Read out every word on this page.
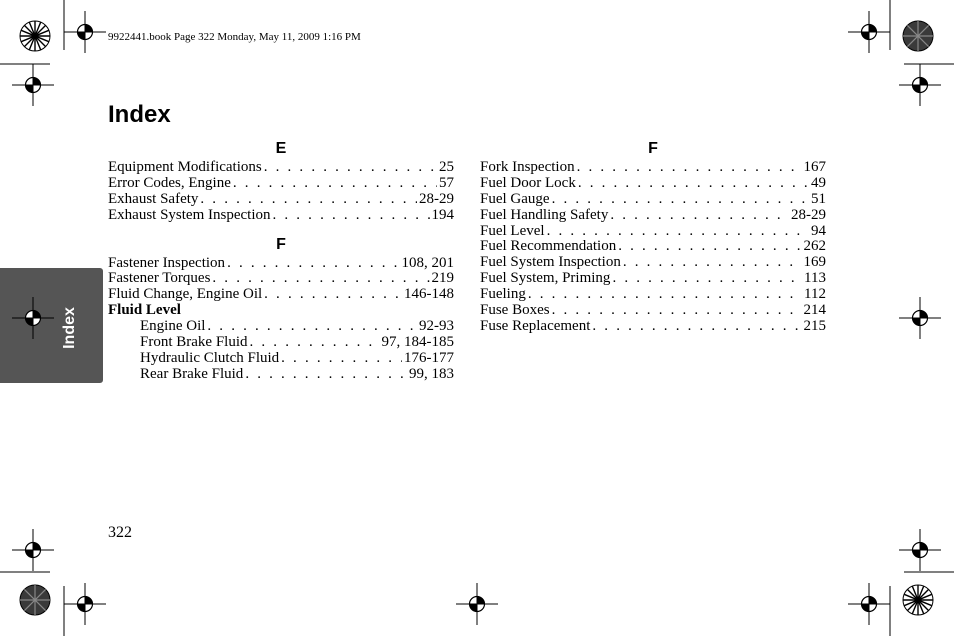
Index
9922441.book Page 322 Monday, May 11, 2009 1:16 PM
Index
E
Equipment Modifications . . .	25
Error Codes, Engine . . .	57
Exhaust Safety . . .	28-29
Exhaust System Inspection . . .	194
F
Fastener Inspection . . .	108, 201
Fastener Torques . . .	219
Fluid Change, Engine Oil . . .	146-148
Fluid Level
Engine Oil . . .	92-93
Front Brake Fluid . . .	97, 184-185
Hydraulic Clutch Fluid . . .	176-177
Rear Brake Fluid . . .	99, 183
F
Fork Inspection . . .	167
Fuel Door Lock . . .	49
Fuel Gauge . . .	51
Fuel Handling Safety . . .	28-29
Fuel Level . . .	94
Fuel Recommendation . . .	262
Fuel System Inspection . . .	169
Fuel System, Priming . . .	113
Fueling . . .	112
Fuse Boxes . . .	214
Fuse Replacement . . .	215
322
